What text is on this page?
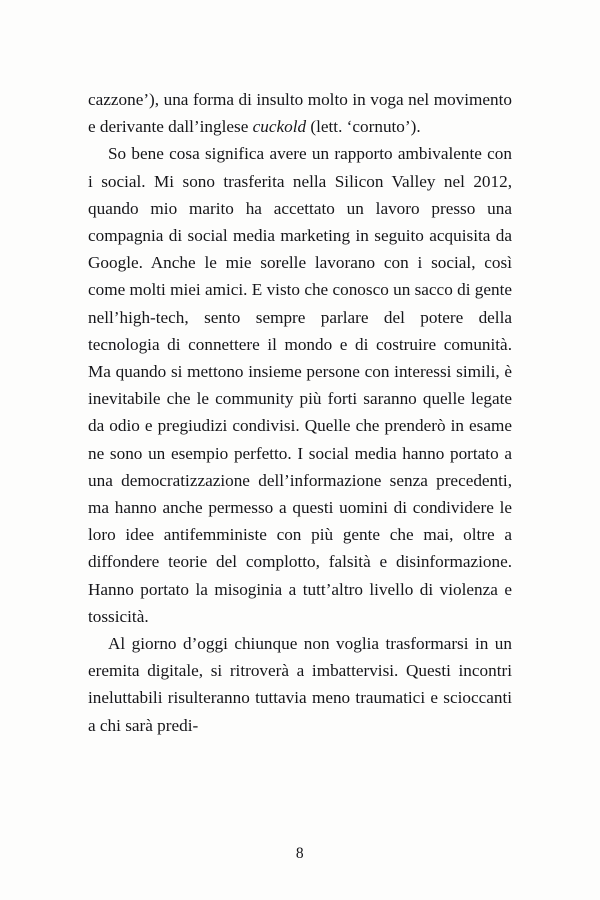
cazzone’), una forma di insulto molto in voga nel movimento e derivante dall’inglese cuckold (lett. ‘cornuto’).

So bene cosa significa avere un rapporto ambivalente con i social. Mi sono trasferita nella Silicon Valley nel 2012, quando mio marito ha accettato un lavoro presso una compagnia di social media marketing in seguito acquisita da Google. Anche le mie sorelle lavorano con i social, così come molti miei amici. E visto che conosco un sacco di gente nell’high-tech, sento sempre parlare del potere della tecnologia di connettere il mondo e di costruire comunità. Ma quando si mettono insieme persone con interessi simili, è inevitabile che le community più forti saranno quelle legate da odio e pregiudizi condivisi. Quelle che prenderò in esame ne sono un esempio perfetto. I social media hanno portato a una democratizzazione dell’informazione senza precedenti, ma hanno anche permesso a questi uomini di condividere le loro idee antifemministe con più gente che mai, oltre a diffondere teorie del complotto, falsità e disinformazione. Hanno portato la misoginia a tutt’altro livello di violenza e tossicità.

Al giorno d’oggi chiunque non voglia trasformarsi in un eremita digitale, si ritroverà a imbattervisi. Questi incontri ineluttabili risulteranno tuttavia meno traumatici e scioccanti a chi sarà predi-

8
